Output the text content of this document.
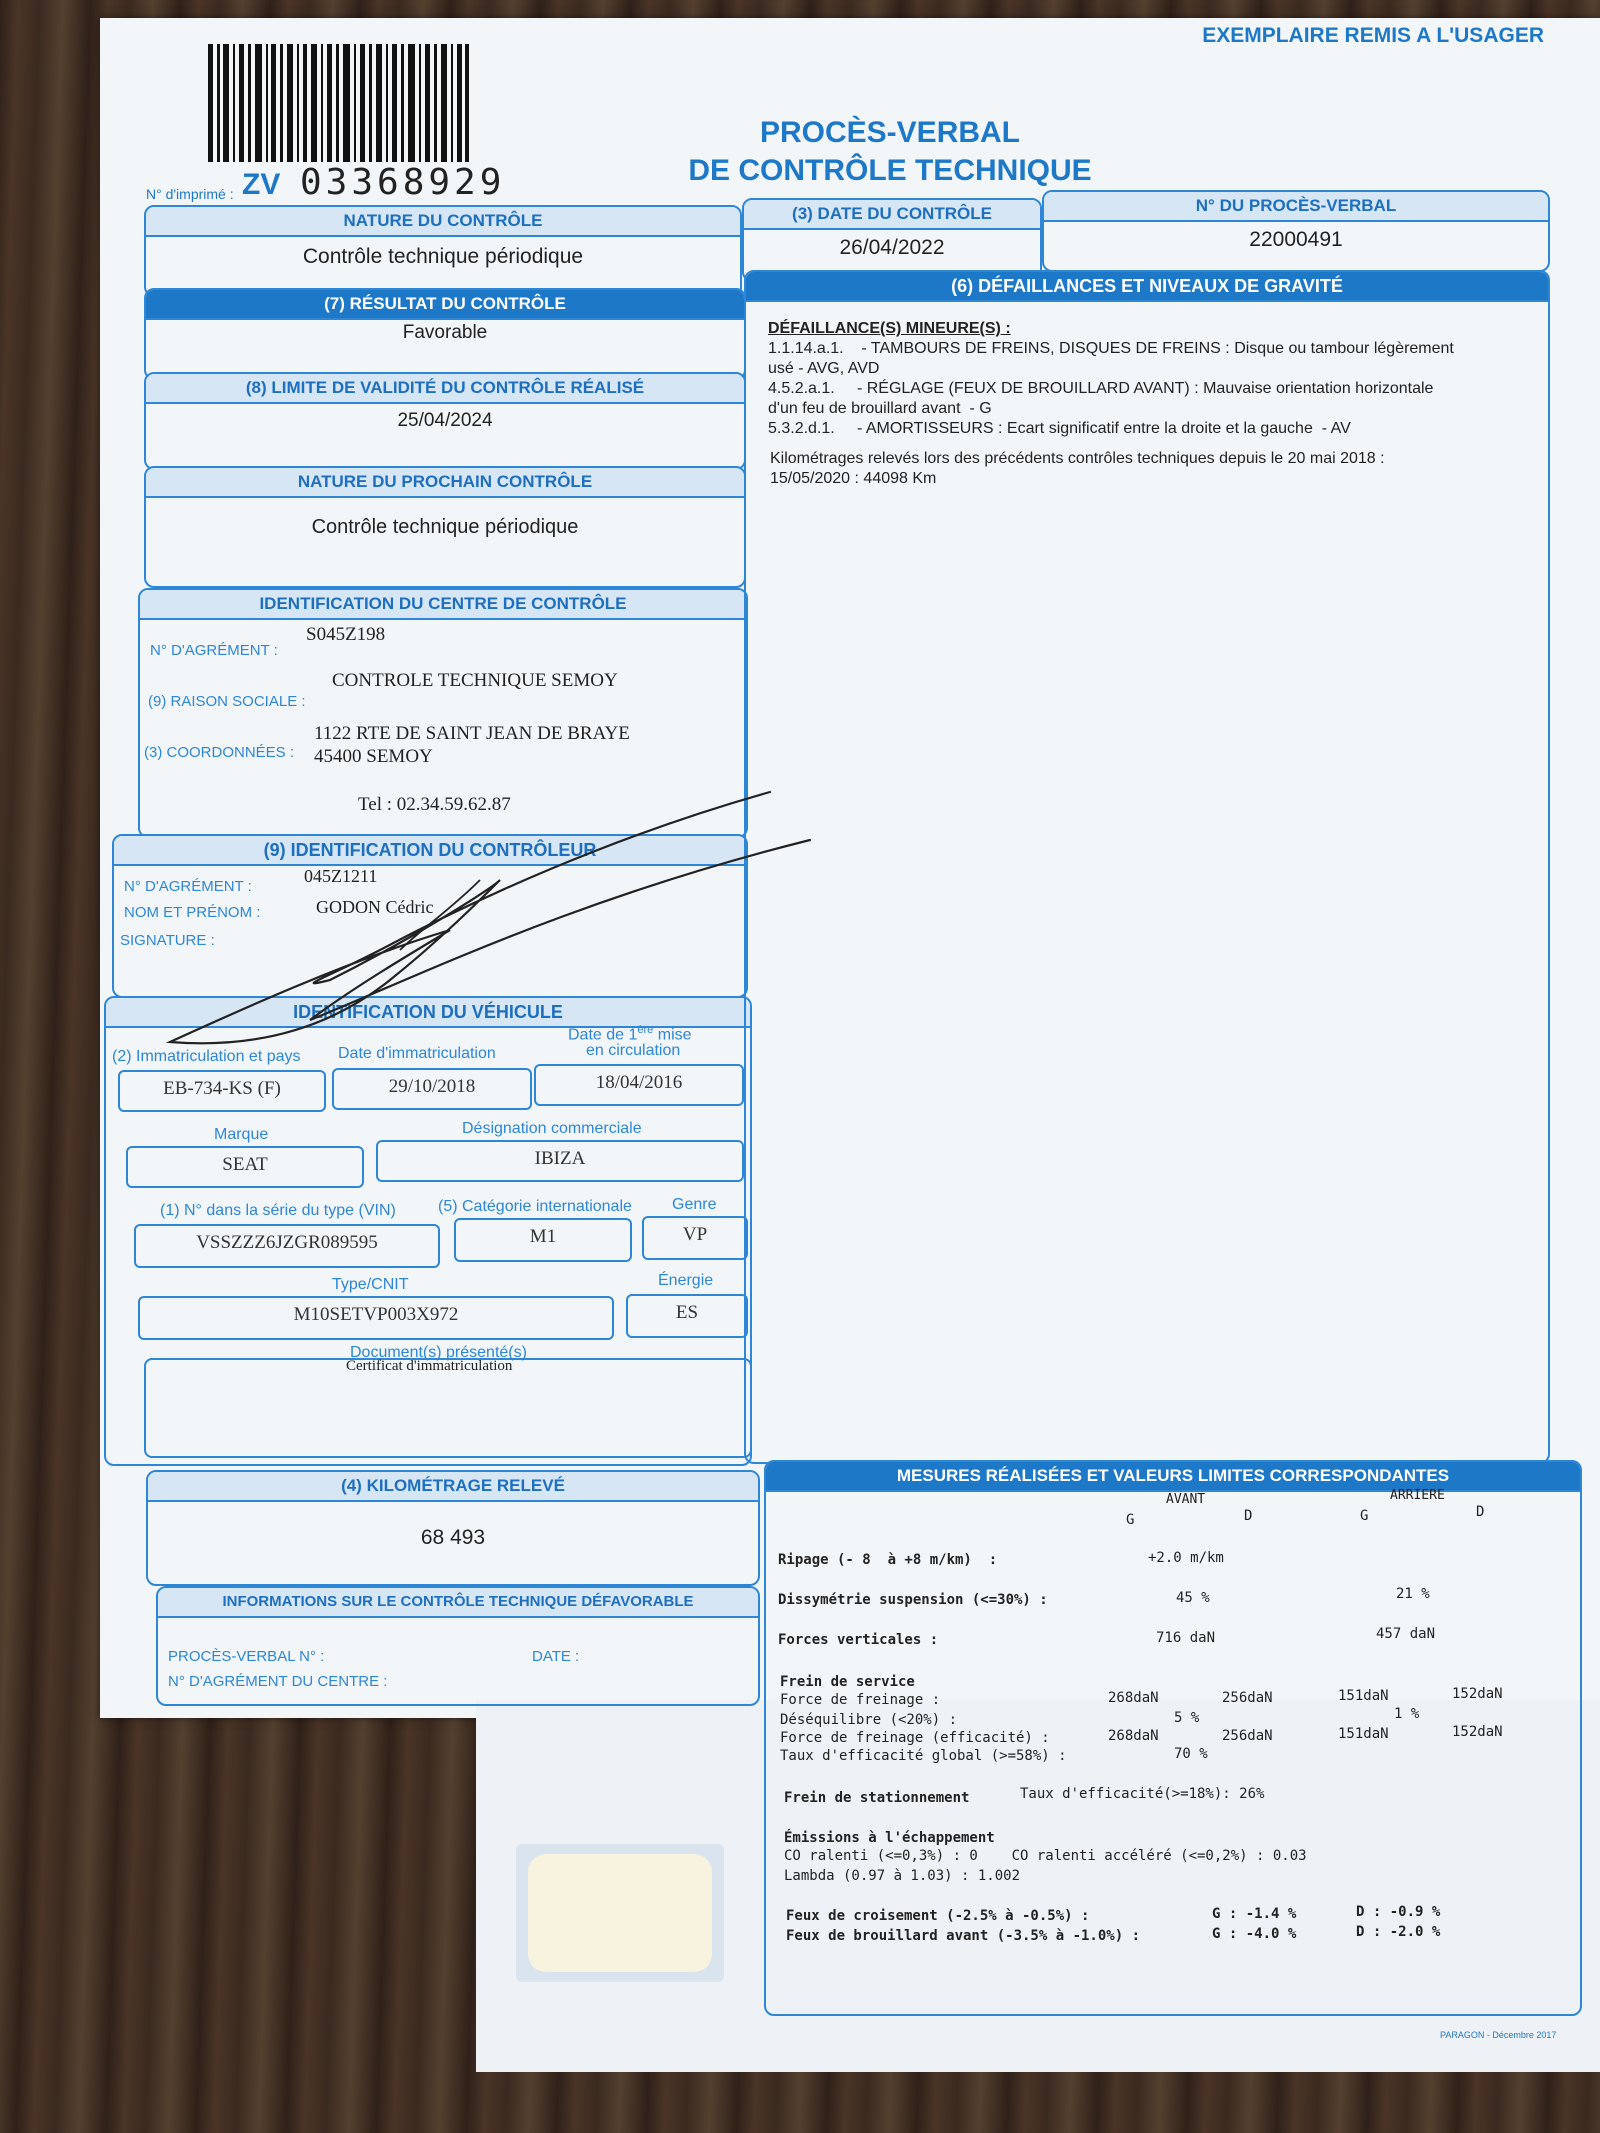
EXEMPLAIRE REMIS A L'USAGER
N° d'imprimé : ZV 03368929
PROCÈS-VERBAL
DE CONTRÔLE TECHNIQUE
NATURE DU CONTRÔLE
Contrôle technique périodique
(3) DATE DU CONTRÔLE
26/04/2022
N° DU PROCÈS-VERBAL
22000491
(7) RÉSULTAT DU CONTRÔLE
Favorable
(8) LIMITE DE VALIDITÉ DU CONTRÔLE RÉALISÉ
25/04/2024
NATURE DU PROCHAIN CONTRÔLE
Contrôle technique périodique
IDENTIFICATION DU CENTRE DE CONTRÔLE
N° D'AGRÉMENT :
S045Z198
(9) RAISON SOCIALE :
CONTROLE TECHNIQUE SEMOY
(3) COORDONNÉES :
1122 RTE DE SAINT JEAN DE BRAYE
45400 SEMOY
Tel : 02.34.59.62.87
(9) IDENTIFICATION DU CONTRÔLEUR
N° D'AGRÉMENT :
045Z1211
NOM ET PRÉNOM :	GODON Cédric
SIGNATURE :
IDENTIFICATION DU VÉHICULE
(2) Immatriculation et pays
EB-734-KS (F)
Date d'immatriculation
29/10/2018
Date de 1ère mise
en circulation
18/04/2016
Marque
SEAT
Désignation commerciale
IBIZA
(1) N° dans la série du type (VIN)
VSSZZZ6JZGR089595
(5) Catégorie internationale
M1
Genre
VP
Type/CNIT
M10SETVP003X972
Énergie
ES
Document(s) présenté(s)
Certificat d'immatriculation
(4) KILOMÉTRAGE RELEVÉ
68 493
INFORMATIONS SUR LE CONTRÔLE TECHNIQUE DÉFAVORABLE
PROCÈS-VERBAL N° :	DATE :
N° D'AGRÉMENT DU CENTRE :
(6) DÉFAILLANCES ET NIVEAUX DE GRAVITÉ
DÉFAILLANCE(S) MINEURE(S) :
1.1.14.a.1.    - TAMBOURS DE FREINS, DISQUES DE FREINS : Disque ou tambour légèrement
usé - AVG, AVD
4.5.2.a.1.     - RÉGLAGE (FEUX DE BROUILLARD AVANT) : Mauvaise orientation horizontale
d'un feu de brouillard avant  - G
5.3.2.d.1.     - AMORTISSEURS : Ecart significatif entre la droite et la gauche  - AV
Kilométrages relevés lors des précédents contrôles techniques depuis le 20 mai 2018 :
15/05/2020 : 44098 Km
MESURES RÉALISÉES ET VALEURS LIMITES CORRESPONDANTES
AVANT	ARRIERE
G	D	G	D
Ripage (- 8  à +8 m/km)  :	+2.0 m/km
Dissymétrie suspension (<=30%) :	45 %	21 %
Forces verticales :	716 daN	457 daN
Frein de service
Force de freinage :	268daN	256daN	151daN	152daN
Déséquilibre (<20%) :	5 %	1 %
Force de freinage (efficacité) :	268daN	256daN	151daN	152daN
Taux d'efficacité global (>=58%) :	70 %
Frein de stationnement	Taux d'efficacité(>=18%): 26%
Émissions à l'échappement
CO ralenti (<=0,3%) : 0    CO ralenti accéléré (<=0,2%) : 0.03
Lambda (0.97 à 1.03) : 1.002
Feux de croisement (-2.5% à -0.5%) :	G : -1.4 %	D : -0.9 %
Feux de brouillard avant (-3.5% à -1.0%) :	G : -4.0 %	D : -2.0 %
PARAGON - Décembre 2017
